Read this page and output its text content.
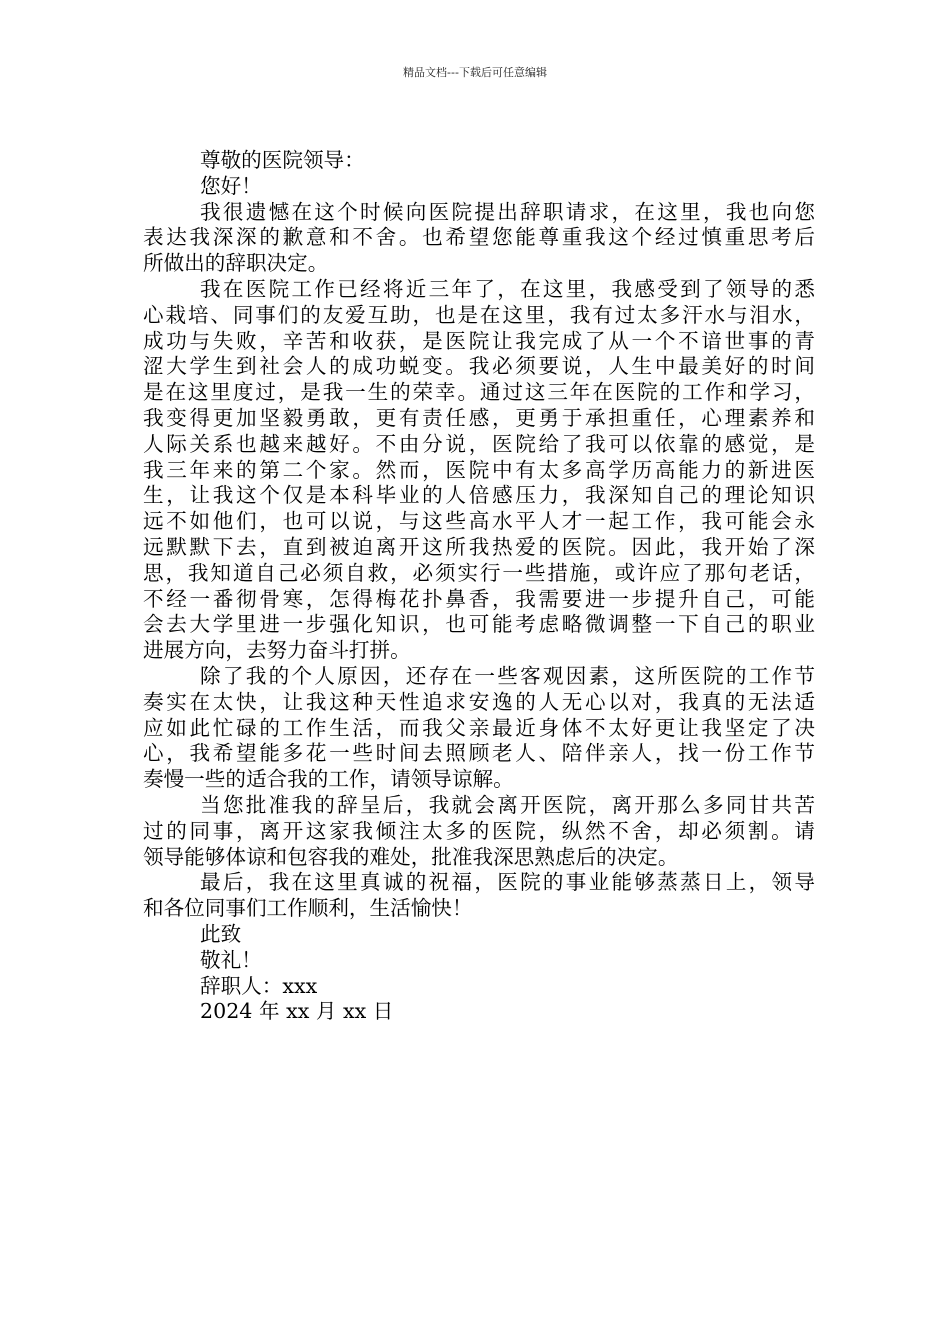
精品文档---下载后可任意编辑
尊敬的医院领导：
您好！
我很遗憾在这个时候向医院提出辞职请求，在这里，我也向您
表达我深深的歉意和不舍。也希望您能尊重我这个经过慎重思考后
所做出的辞职决定。
我在医院工作已经将近三年了，在这里，我感受到了领导的悉
心栽培、同事们的友爱互助，也是在这里，我有过太多汗水与泪水，
成功与失败，辛苦和收获，是医院让我完成了从一个不谙世事的青
涩大学生到社会人的成功蜕变。我必须要说，人生中最美好的时间
是在这里度过，是我一生的荣幸。通过这三年在医院的工作和学习，
我变得更加坚毅勇敢，更有责任感，更勇于承担重任，心理素养和
人际关系也越来越好。不由分说，医院给了我可以依靠的感觉，是
我三年来的第二个家。然而，医院中有太多高学历高能力的新进医
生，让我这个仅是本科毕业的人倍感压力，我深知自己的理论知识
远不如他们，也可以说，与这些高水平人才一起工作，我可能会永
远默默下去，直到被迫离开这所我热爱的医院。因此，我开始了深
思，我知道自己必须自救，必须实行一些措施，或许应了那句老话，
不经一番彻骨寒，怎得梅花扑鼻香，我需要进一步提升自己，可能
会去大学里进一步强化知识，也可能考虑略微调整一下自己的职业
进展方向，去努力奋斗打拼。
除了我的个人原因，还存在一些客观因素，这所医院的工作节
奏实在太快，让我这种天性追求安逸的人无心以对，我真的无法适
应如此忙碌的工作生活，而我父亲最近身体不太好更让我坚定了决
心，我希望能多花一些时间去照顾老人、陪伴亲人，找一份工作节
奏慢一些的适合我的工作，请领导谅解。
当您批准我的辞呈后，我就会离开医院，离开那么多同甘共苦
过的同事，离开这家我倾注太多的医院，纵然不舍，却必须割。请
领导能够体谅和包容我的难处，批准我深思熟虑后的决定。
最后，我在这里真诚的祝福，医院的事业能够蒸蒸日上，领导
和各位同事们工作顺利，生活愉快！
此致
敬礼！
辞职人：xxx
2024 年 xx 月 xx 日
